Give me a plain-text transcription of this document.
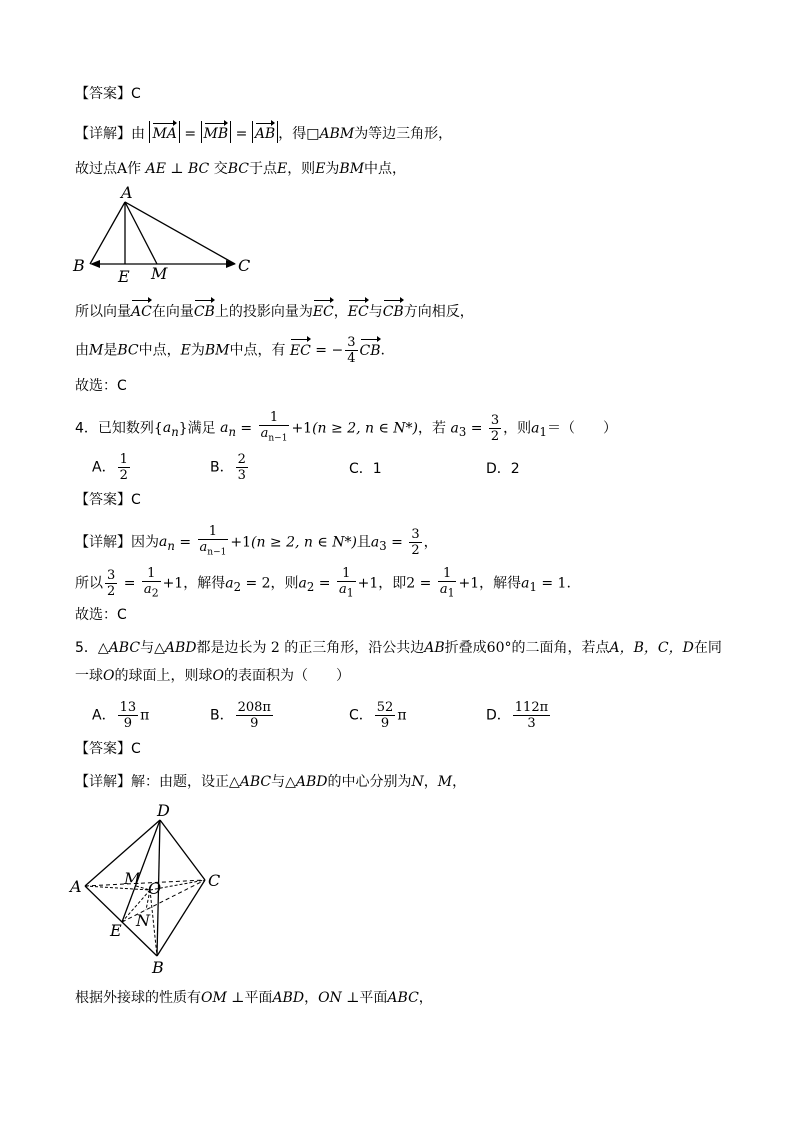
【答案】C
【详解】由 MA = MB = AB ，得□ABM为等边三角形，
故过点A作 AE ⊥ BC 交BC于点E，则E为BM中点，
A
B
E M	C
所以向量AC在向量CB上的投影向量为EC，EC与CB方向相反，
由M是BC中点，E为BM中点，有 EC = − $\frac{3}{4}$ CB.
故选：C
4．已知数列$\{a_n\}$满足 $a_n = \frac{1}{a_{n-1}} +1(n \ge 2$, n ∈ N*)，若 $a_3 = \frac{3}{2}$ ，则$a_1=$（　　）
A． $\frac{1}{2}$	B． $\frac{2}{3}$	C．1	D．2
【答案】C
【详解】因为$a_n = \frac{1}{a_{n-1}} +1(n \ge 2$, n ∈ N*)且$a_3 = \frac{3}{2}$ ，
所以 $\frac{3}{2} = \frac{1}{a_2} +1$，解得$a_2 = 2$，则$a_2 = \frac{1}{a_1} +1$，即$2 = \frac{1}{a_1} +1$，解得$a_1 = 1$.
故选：C
5．△ABC与△ABD都是边长为 2 的正三角形，沿公共边AB折叠成60°的二面角，若点A，B，C，D在同
一球O的球面上，则球O的表面积为（　　）
A． $\frac{13}{9}$ π	B． $\frac{208\pi}{9}$	C． $\frac{52}{9}$ π	D． $\frac{112\pi}{3}$
【答案】C
【详解】解：由题，设正△ABC与△ABD的中心分别为N，M，
D
A	C
M
O
E
N
B
根据外接球的性质有OM ⊥平面ABD，ON ⊥平面ABC，
